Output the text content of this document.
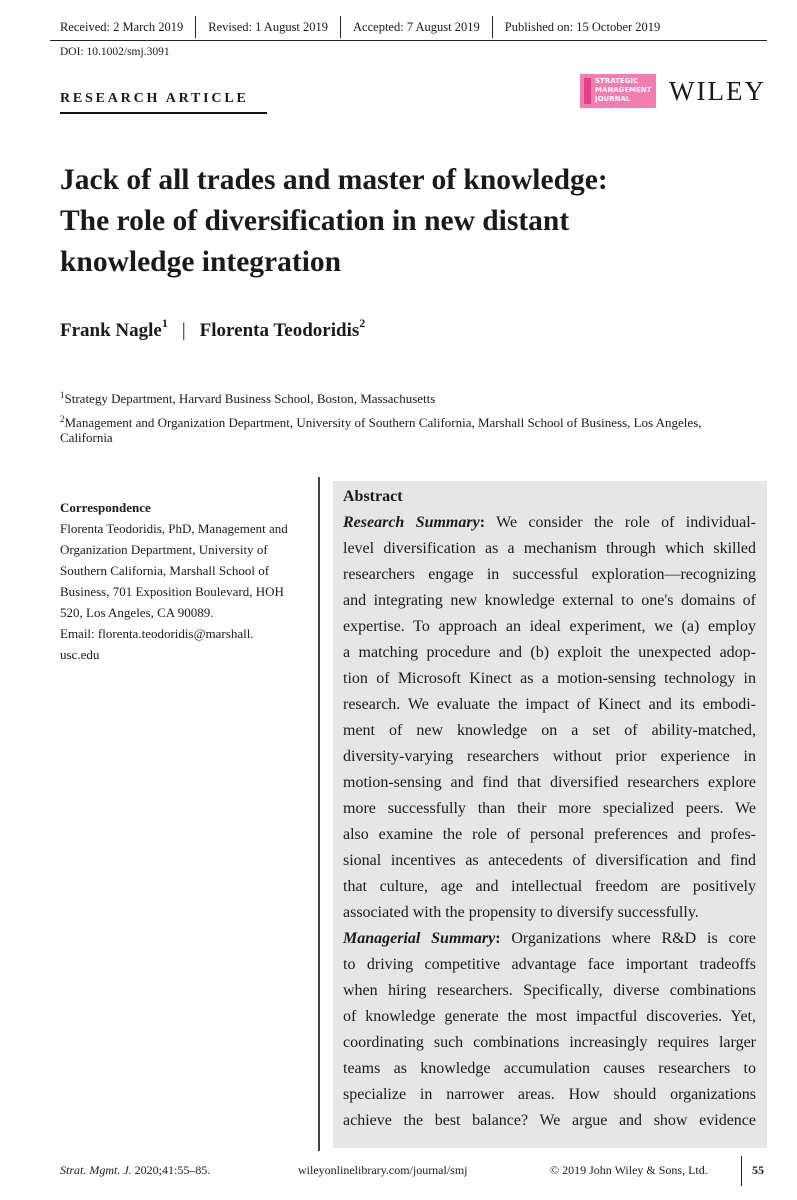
Received: 2 March 2019 Revised: 1 August 2019 Accepted: 7 August 2019 Published on: 15 October 2019
DOI: 10.1002/smj.3091
RESEARCH ARTICLE
STRATEGIC
MANAGEMENT
JOURNAL	WILEY
Jack of all trades and master of knowledge:
The role of diversification in new distant
knowledge integration
Frank Nagle$^1$ | Florenta Teodoridis$^2$
$^1$Strategy Department, Harvard Business School, Boston, Massachusetts
$^2$Management and Organization Department, University of Southern California, Marshall School of Business, Los Angeles,
California
Correspondence
Florenta Teodoridis, PhD, Management and
Organization Department, University of
Southern California, Marshall School of
Business, 701 Exposition Boulevard, HOH
520, Los Angeles, CA 90089.
Email: florenta.teodoridis@marshall.
usc.edu
Abstract
Research Summary: We consider the role of individual-
level diversification as a mechanism through which skilled
researchers engage in successful exploration—recognizing
and integrating new knowledge external to one's domains of
expertise. To approach an ideal experiment, we (a) employ
a matching procedure and (b) exploit the unexpected adop-
tion of Microsoft Kinect as a motion-sensing technology in
research. We evaluate the impact of Kinect and its embodi-
ment of new knowledge on a set of ability-matched,
diversity-varying researchers without prior experience in
motion-sensing and find that diversified researchers explore
more successfully than their more specialized peers. We
also examine the role of personal preferences and profes-
sional incentives as antecedents of diversification and find
that culture, age and intellectual freedom are positively
associated with the propensity to diversify successfully.
Managerial Summary: Organizations where R&D is core
to driving competitive advantage face important tradeoffs
when hiring researchers. Specifically, diverse combinations
of knowledge generate the most impactful discoveries. Yet,
coordinating such combinations increasingly requires larger
teams as knowledge accumulation causes researchers to
specialize in narrower areas. How should organizations
achieve the best balance? We argue and show evidence
Strat. Mgmt. J. 2020;41:55–85.	wileyonlinelibrary.com/journal/smj	© 2019 John Wiley & Sons, Ltd.	55
